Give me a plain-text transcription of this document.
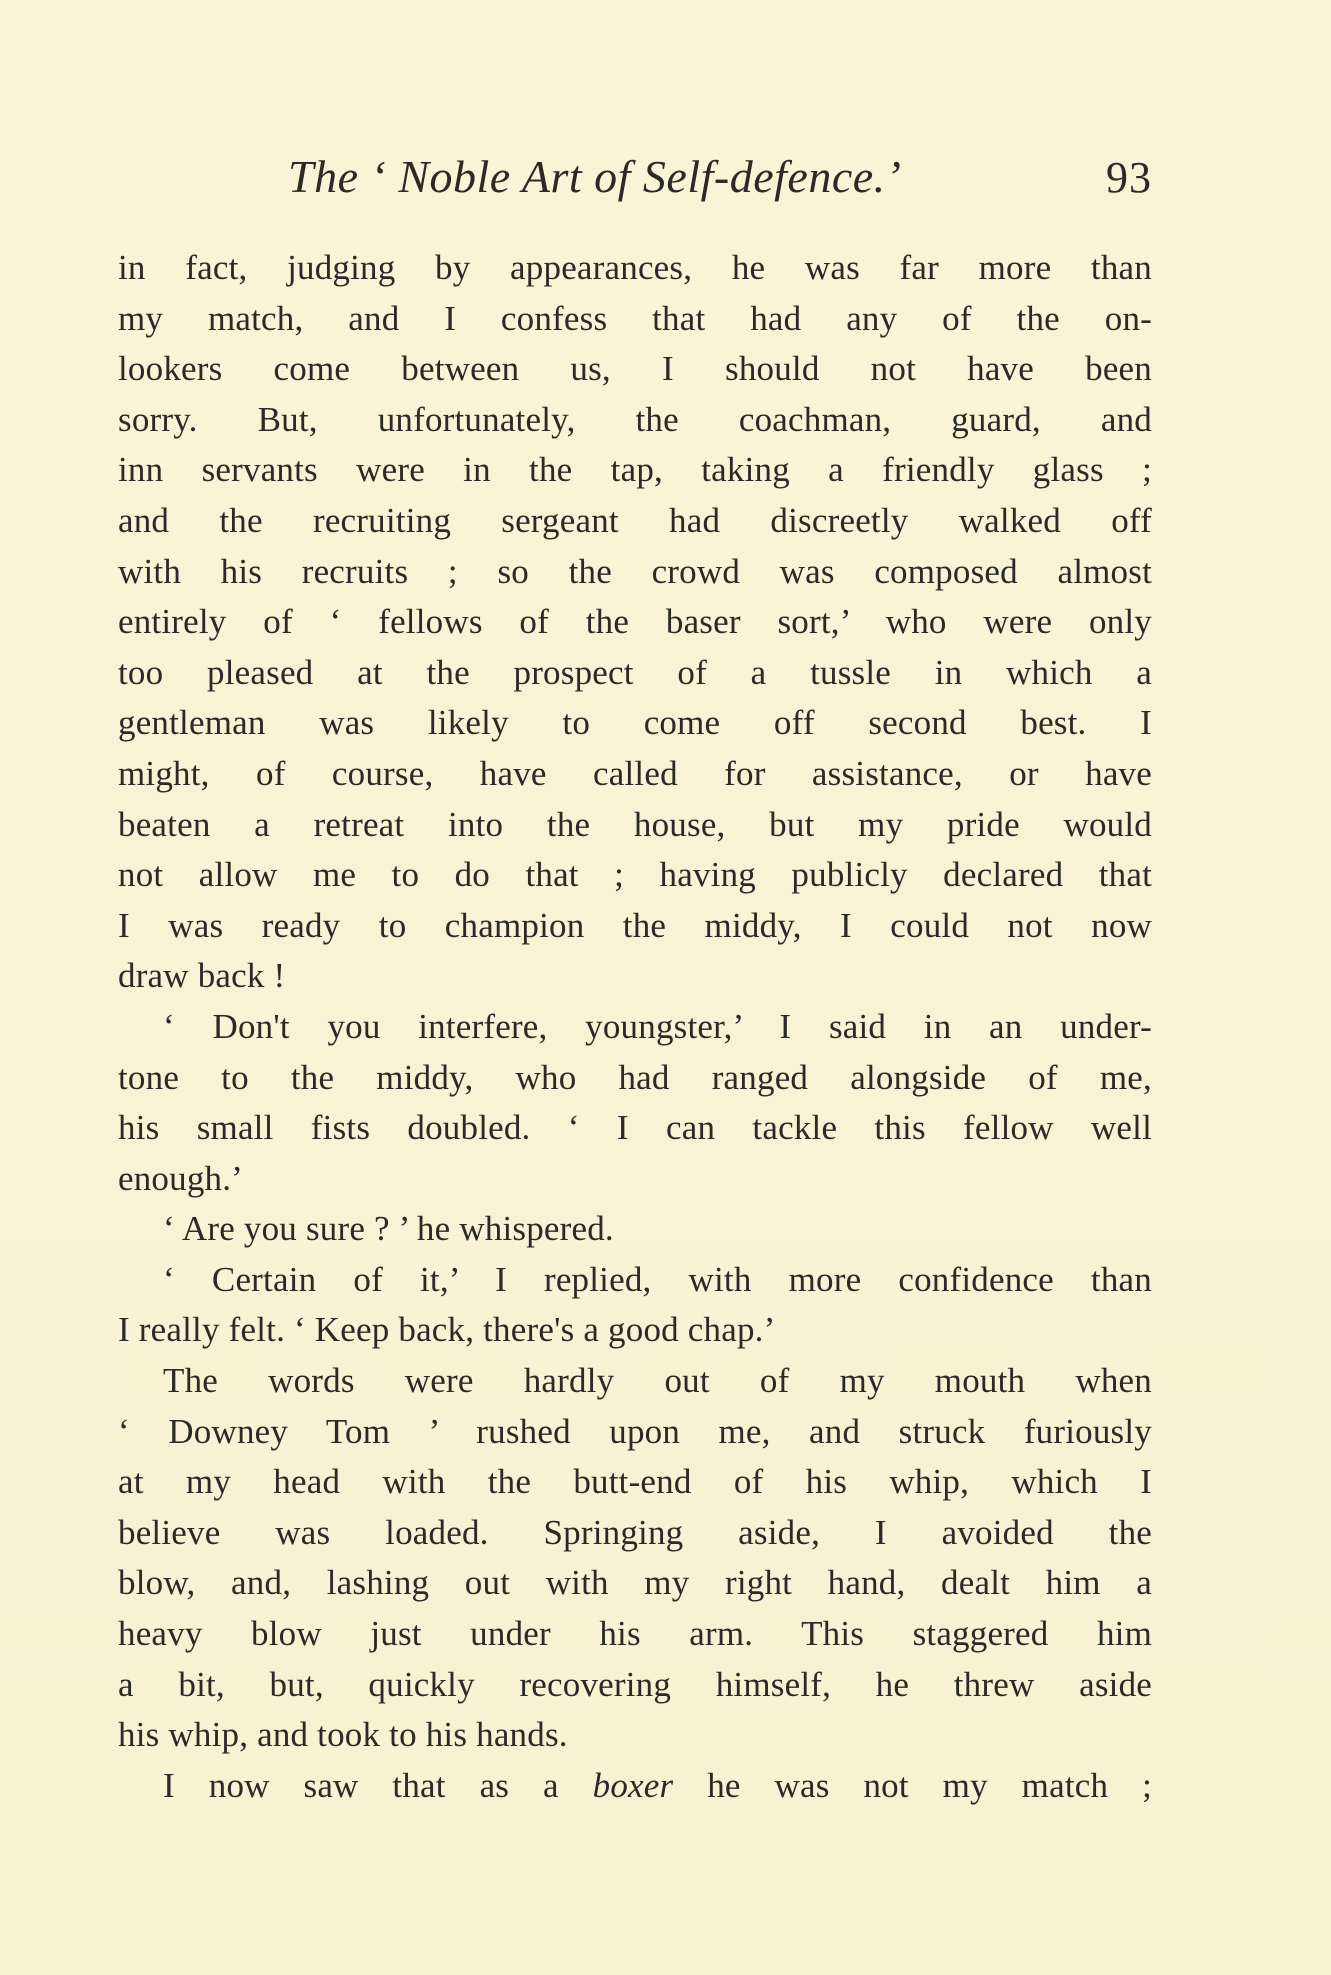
The ‘ Noble Art of Self-defence.’	93
in fact, judging by appearances, he was far more than
my match, and I confess that had any of the on-
lookers come between us, I should not have been
sorry. But, unfortunately, the coachman, guard, and
inn servants were in the tap, taking a friendly glass ;
and the recruiting sergeant had discreetly walked off
with his recruits ; so the crowd was composed almost
entirely of ‘ fellows of the baser sort,’ who were only
too pleased at the prospect of a tussle in which a
gentleman was likely to come off second best. I
might, of course, have called for assistance, or have
beaten a retreat into the house, but my pride would
not allow me to do that ; having publicly declared that
I was ready to champion the middy, I could not now
draw back !
‘ Don't you interfere, youngster,’ I said in an under-
tone to the middy, who had ranged alongside of me,
his small fists doubled. ‘ I can tackle this fellow well
enough.’
‘ Are you sure ? ’ he whispered.
‘ Certain of it,’ I replied, with more confidence than
I really felt. ‘ Keep back, there's a good chap.’
The words were hardly out of my mouth when
‘ Downey Tom ’ rushed upon me, and struck furiously
at my head with the butt-end of his whip, which I
believe was loaded. Springing aside, I avoided the
blow, and, lashing out with my right hand, dealt him a
heavy blow just under his arm. This staggered him
a bit, but, quickly recovering himself, he threw aside
his whip, and took to his hands.
I now saw that as a boxer he was not my match ;
